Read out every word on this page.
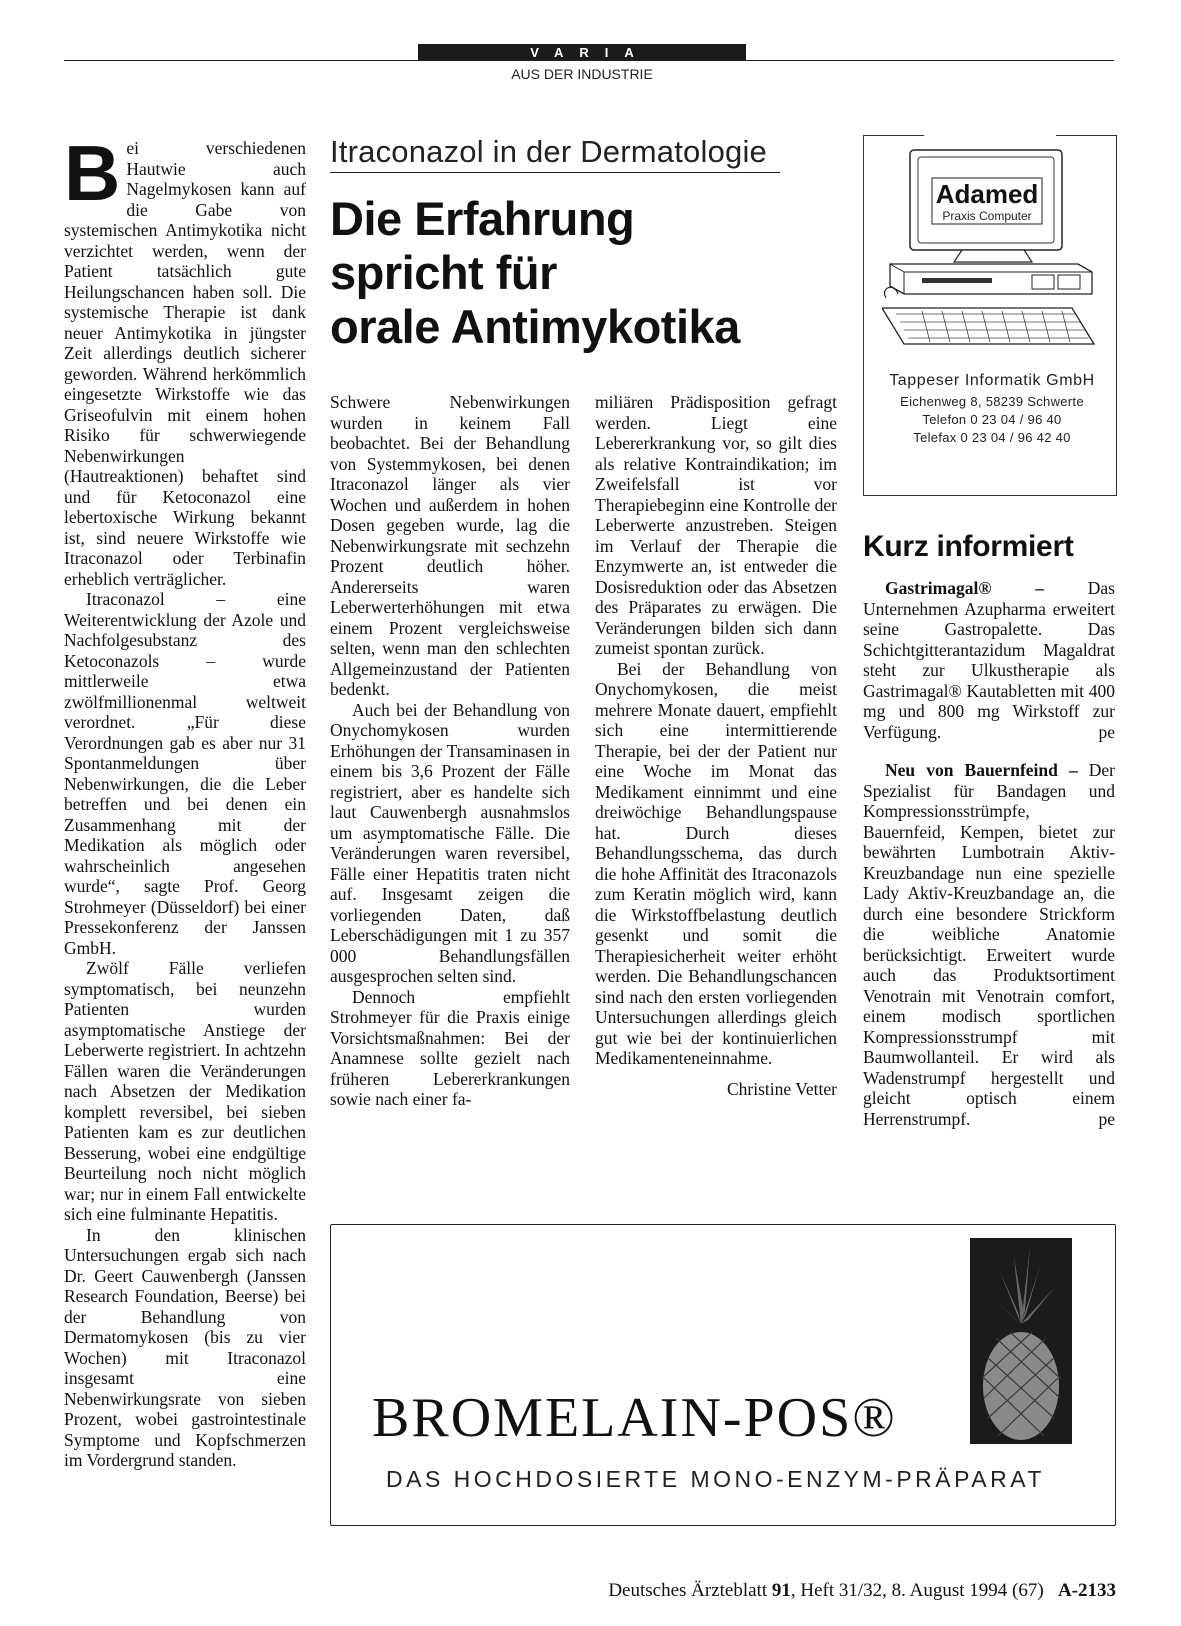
VARIA
AUS DER INDUSTRIE

Bei verschiedenen Hautwie auch Nagelmykosen kann auf die Gabe von systemischen Antimykotika nicht verzichtet werden, wenn der Patient tatsächlich gute Heilungschancen haben soll. Die systemische Therapie ist dank neuer Antimykotika in jüngster Zeit allerdings deutlich sicherer geworden. Während herkömmlich eingesetzte Wirkstoffe wie das Griseofulvin mit einem hohen Risiko für schwerwiegende Nebenwirkungen (Hautreaktionen) behaftet sind und für Ketoconazol eine lebertoxische Wirkung bekannt ist, sind neuere Wirkstoffe wie Itraconazol oder Terbinafin erheblich verträglicher.

Itraconazol – eine Weiterentwicklung der Azole und Nachfolgesubstanz des Ketoconazols – wurde mittlerweile etwa zwölfmillionenmal weltweit verordnet. „Für diese Verordnungen gab es aber nur 31 Spontanmeldungen über Nebenwirkungen, die die Leber betreffen und bei denen ein Zusammenhang mit der Medikation als möglich oder wahrscheinlich angesehen wurde“, sagte Prof. Georg Strohmeyer (Düsseldorf) bei einer Pressekonferenz der Janssen GmbH.

Zwölf Fälle verliefen symptomatisch, bei neunzehn Patienten wurden asymptomatische Anstiege der Leberwerte registriert. In achtzehn Fällen waren die Veränderungen nach Absetzen der Medikation komplett reversibel, bei sieben Patienten kam es zur deutlichen Besserung, wobei eine endgültige Beurteilung noch nicht möglich war; nur in einem Fall entwickelte sich eine fulminante Hepatitis.

In den klinischen Untersuchungen ergab sich nach Dr. Geert Cauwenbergh (Janssen Research Foundation, Beerse) bei der Behandlung von Dermatomykosen (bis zu vier Wochen) mit Itraconazol insgesamt eine Nebenwirkungsrate von sieben Prozent, wobei gastrointestinale Symptome und Kopfschmerzen im Vordergrund standen.

Itraconazol in der Dermatologie
Die Erfahrung
spricht für
orale Antimykotika

Schwere Nebenwirkungen wurden in keinem Fall beobachtet. Bei der Behandlung von Systemmykosen, bei denen Itraconazol länger als vier Wochen und außerdem in hohen Dosen gegeben wurde, lag die Nebenwirkungsrate mit sechzehn Prozent deutlich höher. Andererseits waren Leberwerterhöhungen mit etwa einem Prozent vergleichsweise selten, wenn man den schlechten Allgemeinzustand der Patienten bedenkt.

Auch bei der Behandlung von Onychomykosen wurden Erhöhungen der Transaminasen in einem bis 3,6 Prozent der Fälle registriert, aber es handelte sich laut Cauwenbergh ausnahmslos um asymptomatische Fälle. Die Veränderungen waren reversibel, Fälle einer Hepatitis traten nicht auf. Insgesamt zeigen die vorliegenden Daten, daß Leberschädigungen mit 1 zu 357 000 Behandlungsfällen ausgesprochen selten sind.

Dennoch empfiehlt Strohmeyer für die Praxis einige Vorsichtsmaßnahmen: Bei der Anamnese sollte gezielt nach früheren Lebererkrankungen sowie nach einer fa-

miliären Prädisposition gefragt werden. Liegt eine Lebererkrankung vor, so gilt dies als relative Kontraindikation; im Zweifelsfall ist vor Therapiebeginn eine Kontrolle der Leberwerte anzustreben. Steigen im Verlauf der Therapie die Enzymwerte an, ist entweder die Dosisreduktion oder das Absetzen des Präparates zu erwägen. Die Veränderungen bilden sich dann zumeist spontan zurück.

Bei der Behandlung von Onychomykosen, die meist mehrere Monate dauert, empfiehlt sich eine intermittierende Therapie, bei der der Patient nur eine Woche im Monat das Medikament einnimmt und eine dreiwöchige Behandlungspause hat. Durch dieses Behandlungsschema, das durch die hohe Affinität des Itraconazols zum Keratin möglich wird, kann die Wirkstoffbelastung deutlich gesenkt und somit die Therapiesicherheit weiter erhöht werden. Die Behandlungschancen sind nach den ersten vorliegenden Untersuchungen allerdings gleich gut wie bei der kontinuierlichen Medikamenteneinnahme.

Christine Vetter

Adamed
Praxis Computer
Tappeser Informatik GmbH
Eichenweg 8, 58239 Schwerte
Telefon 0 23 04 / 96 40
Telefax 0 23 04 / 96 42 40
Kurz informiert

Gastrimagal® – Das Unternehmen Azupharma erweitert seine Gastropalette. Das Schichtgitterantazidum Magaldrat steht zur Ulkustherapie als Gastrimagal® Kautabletten mit 400 mg und 800 mg Wirkstoff zur Verfügung.	pe

Neu von Bauernfeind – Der Spezialist für Bandagen und Kompressionsstrümpfe, Bauernfeid, Kempen, bietet zur bewährten Lumbotrain Aktiv-Kreuzbandage nun eine spezielle Lady Aktiv-Kreuzbandage an, die durch eine besondere Strickform die weibliche Anatomie berücksichtigt. Erweitert wurde auch das Produktsortiment Venotrain mit Venotrain comfort, einem modisch sportlichen Kompressionsstrumpf mit Baumwollanteil. Er wird als Wadenstrumpf hergestellt und gleicht optisch einem Herrenstrumpf.	pe

BROMELAIN-POS®
DAS HOCHDOSIERTE MONO-ENZYM-PRÄPARAT
Deutsches Ärzteblatt 91, Heft 31/32, 8. August 1994 (67) A-2133
